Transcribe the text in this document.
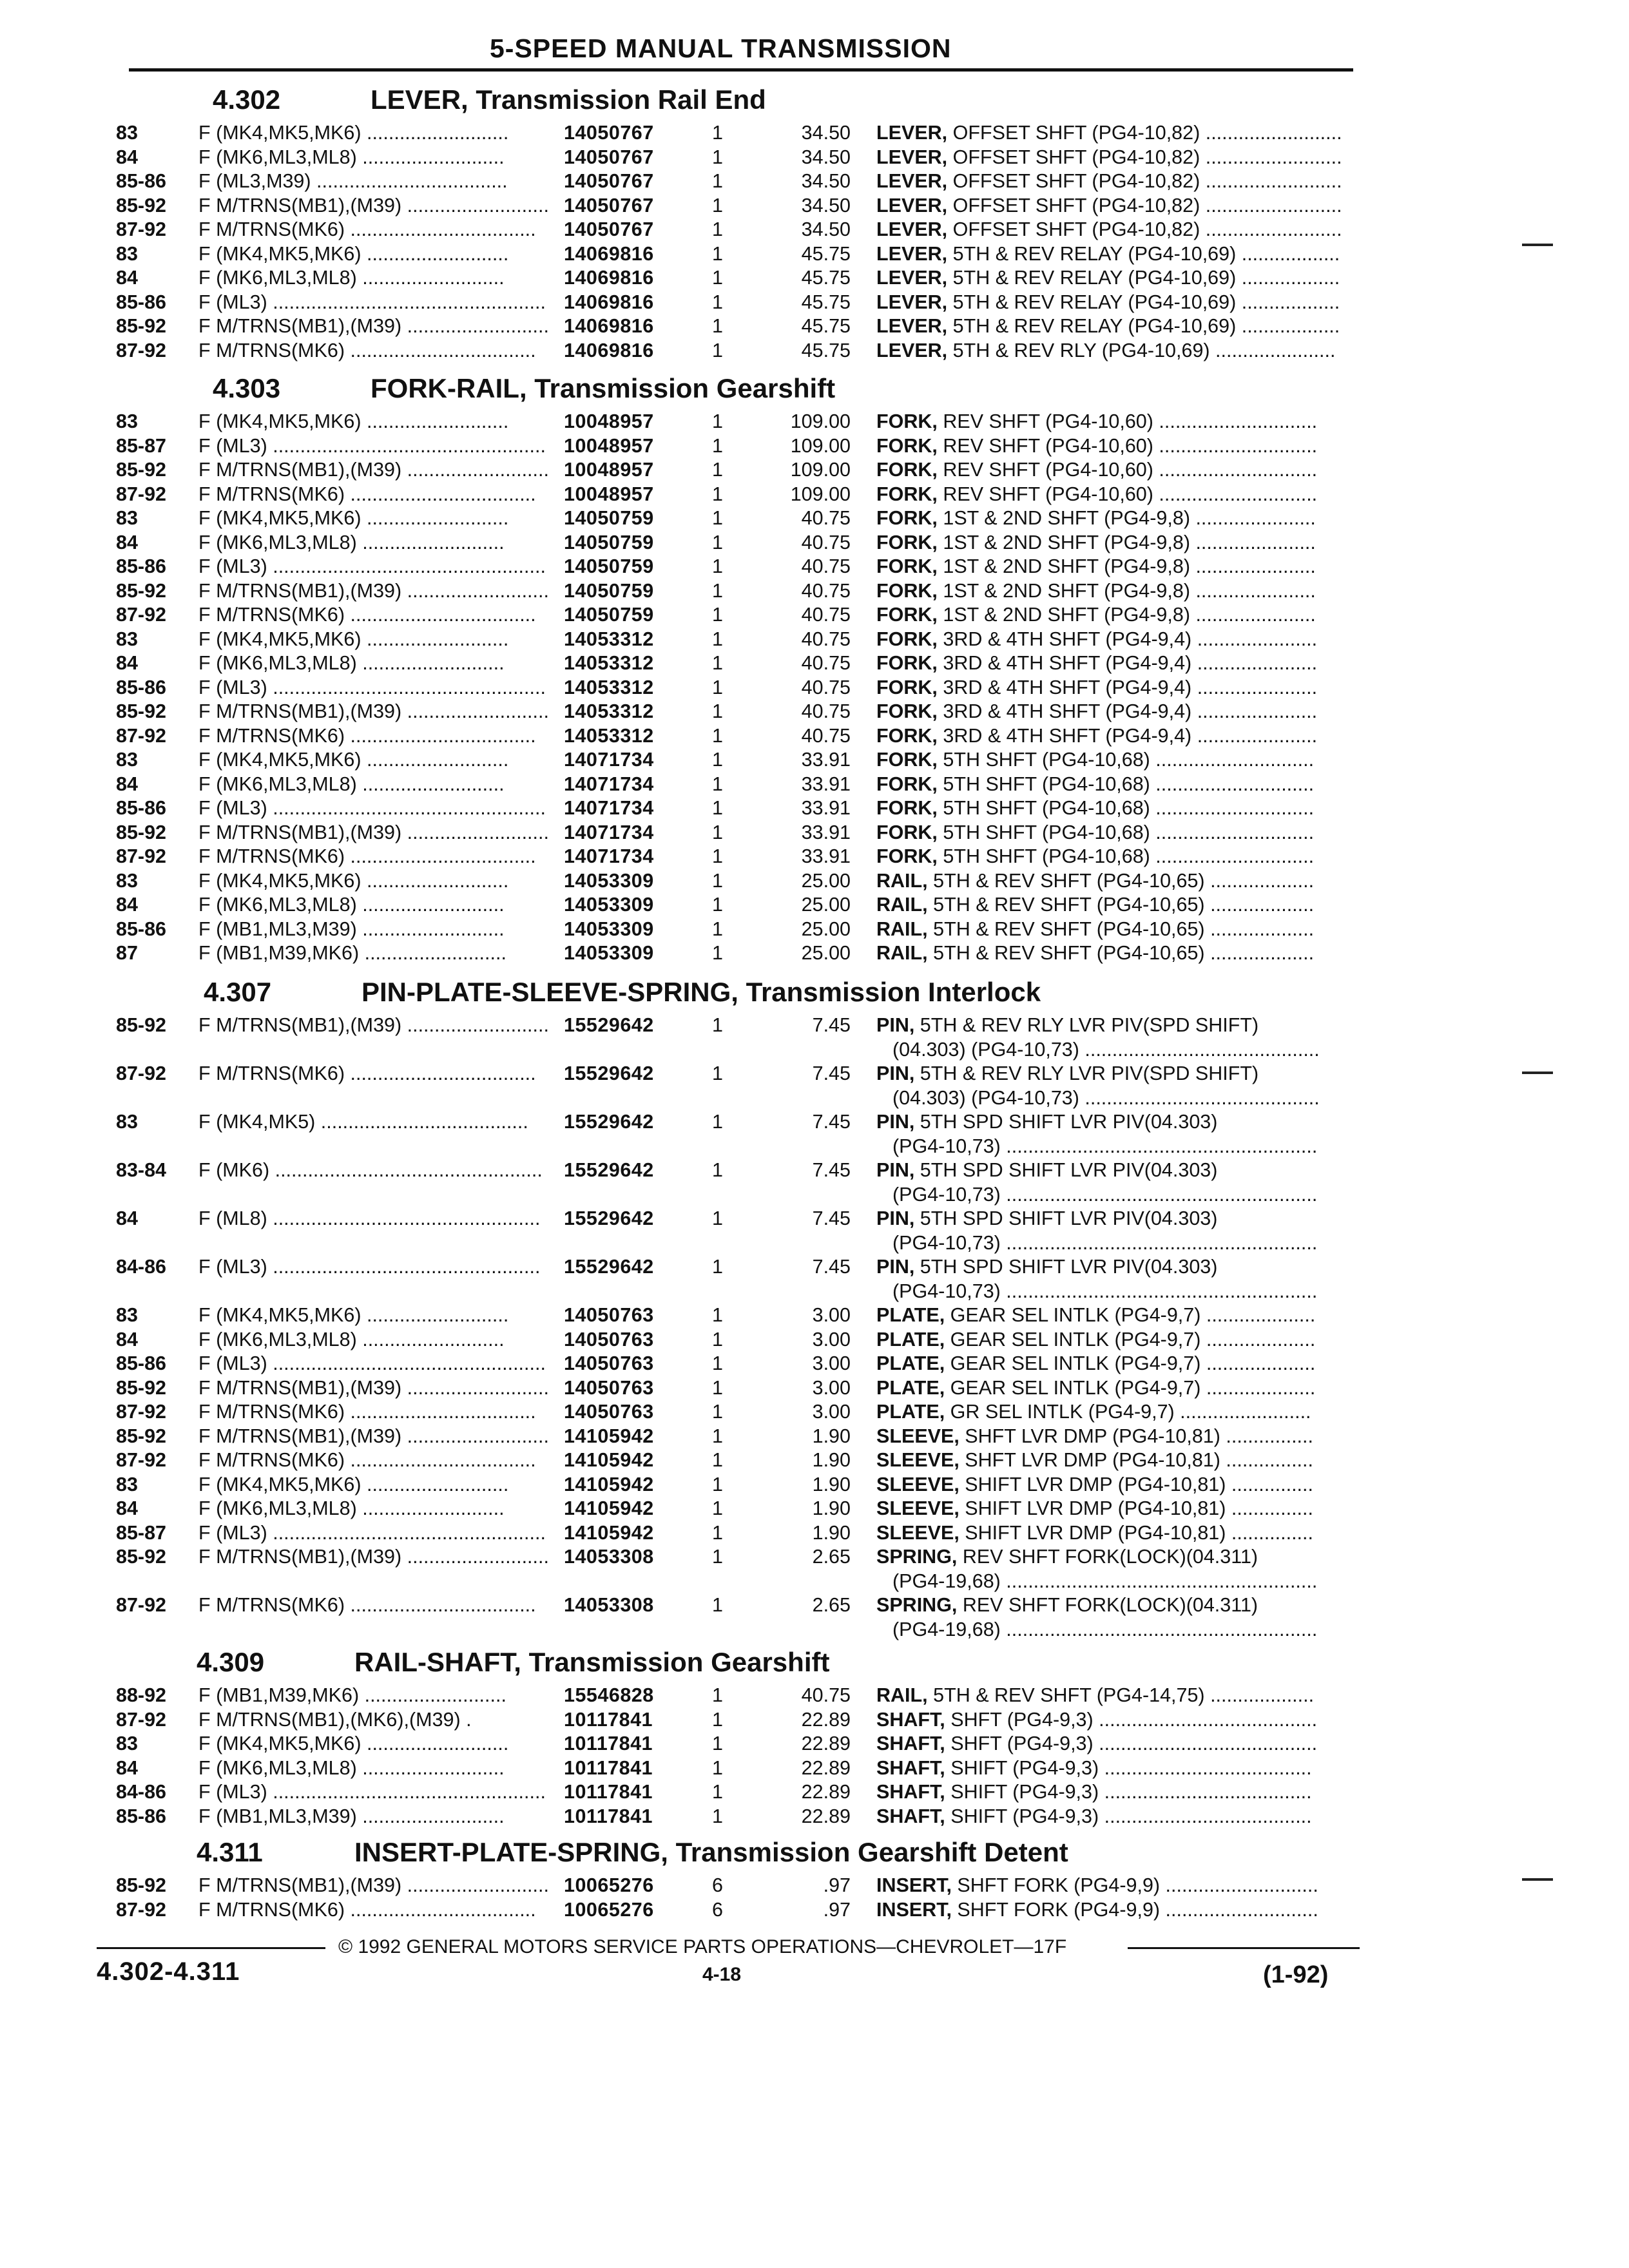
5-SPEED MANUAL TRANSMISSION
4.302	LEVER, Transmission Rail End
83	F (MK4,MK5,MK6) ..........................	14050767	1	34.50 LEVER, OFFSET SHFT (PG4-10,82) .........................
84	F (MK6,ML3,ML8) ..........................	14050767	1	34.50 LEVER, OFFSET SHFT (PG4-10,82) .........................
85-86 F (ML3,M39) ...................................	14050767	1	34.50 LEVER, OFFSET SHFT (PG4-10,82) .........................
85-92 F M/TRNS(MB1),(M39) .......................... 14050767	1	34.50 LEVER, OFFSET SHFT (PG4-10,82) .........................
87-92 F M/TRNS(MK6) ..................................	14050767	1	34.50 LEVER, OFFSET SHFT (PG4-10,82) .........................
83	F (MK4,MK5,MK6) ..........................	14069816	1	45.75 LEVER, 5TH & REV RELAY (PG4-10,69) ..................
84	F (MK6,ML3,ML8) ..........................	14069816	1	45.75 LEVER, 5TH & REV RELAY (PG4-10,69) ..................
85-86 F (ML3) .................................................. 14069816	1	45.75 LEVER, 5TH & REV RELAY (PG4-10,69) ..................
85-92 F M/TRNS(MB1),(M39) .......................... 14069816	1	45.75 LEVER, 5TH & REV RELAY (PG4-10,69) ..................
87-92 F M/TRNS(MK6) ..................................	14069816	1	45.75 LEVER, 5TH & REV RLY (PG4-10,69) ......................
4.303	FORK-RAIL, Transmission Gearshift
83	F (MK4,MK5,MK6) ..........................	10048957	1	109.00 FORK, REV SHFT (PG4-10,60) .............................
85-87 F (ML3) .................................................. 10048957	1	109.00 FORK, REV SHFT (PG4-10,60) .............................
85-92 F M/TRNS(MB1),(M39) .......................... 10048957	1	109.00 FORK, REV SHFT (PG4-10,60) .............................
87-92 F M/TRNS(MK6) ..................................	10048957	1	109.00 FORK, REV SHFT (PG4-10,60) .............................
83	F (MK4,MK5,MK6) ..........................	14050759	1	40.75 FORK, 1ST & 2ND SHFT (PG4-9,8) ......................
84	F (MK6,ML3,ML8) ..........................	14050759	1	40.75 FORK, 1ST & 2ND SHFT (PG4-9,8) ......................
85-86 F (ML3) .................................................. 14050759	1	40.75 FORK, 1ST & 2ND SHFT (PG4-9,8) ......................
85-92 F M/TRNS(MB1),(M39) .......................... 14050759	1	40.75 FORK, 1ST & 2ND SHFT (PG4-9,8) ......................
87-92 F M/TRNS(MK6) ..................................	14050759	1	40.75 FORK, 1ST & 2ND SHFT (PG4-9,8) ......................
83	F (MK4,MK5,MK6) ..........................	14053312	1	40.75 FORK, 3RD & 4TH SHFT (PG4-9,4) ......................
84	F (MK6,ML3,ML8) ..........................	14053312	1	40.75 FORK, 3RD & 4TH SHFT (PG4-9,4) ......................
85-86 F (ML3) .................................................. 14053312	1	40.75 FORK, 3RD & 4TH SHFT (PG4-9,4) ......................
85-92 F M/TRNS(MB1),(M39) .......................... 14053312	1	40.75 FORK, 3RD & 4TH SHFT (PG4-9,4) ......................
87-92 F M/TRNS(MK6) ..................................	14053312	1	40.75 FORK, 3RD & 4TH SHFT (PG4-9,4) ......................
83	F (MK4,MK5,MK6) ..........................	14071734	1	33.91 FORK, 5TH SHFT (PG4-10,68) .............................
84	F (MK6,ML3,ML8) ..........................	14071734	1	33.91 FORK, 5TH SHFT (PG4-10,68) .............................
85-86 F (ML3) .................................................. 14071734	1	33.91 FORK, 5TH SHFT (PG4-10,68) .............................
85-92 F M/TRNS(MB1),(M39) .......................... 14071734	1	33.91 FORK, 5TH SHFT (PG4-10,68) .............................
87-92 F M/TRNS(MK6) ..................................	14071734	1	33.91 FORK, 5TH SHFT (PG4-10,68) .............................
83	F (MK4,MK5,MK6) ..........................	14053309	1	25.00 RAIL, 5TH & REV SHFT (PG4-10,65) ...................
84	F (MK6,ML3,ML8) ..........................	14053309	1	25.00 RAIL, 5TH & REV SHFT (PG4-10,65) ...................
85-86 F (MB1,ML3,M39) ..........................	14053309	1	25.00 RAIL, 5TH & REV SHFT (PG4-10,65) ...................
87	F (MB1,M39,MK6) ..........................	14053309	1	25.00 RAIL, 5TH & REV SHFT (PG4-10,65) ...................
4.307	PIN-PLATE-SLEEVE-SPRING, Transmission Interlock
85-92 F M/TRNS(MB1),(M39) .......................... 15529642	1	7.45 PIN, 5TH & REV RLY LVR PIV(SPD SHIFT)
(04.303) (PG4-10,73) ...........................................
87-92 F M/TRNS(MK6) ..................................	15529642	1	7.45 PIN, 5TH & REV RLY LVR PIV(SPD SHIFT)
(04.303) (PG4-10,73) ...........................................
83	F (MK4,MK5) ......................................	15529642	1	7.45 PIN, 5TH SPD SHIFT LVR PIV(04.303)
(PG4-10,73) .........................................................
83-84 F (MK6) .................................................	15529642	1	7.45 PIN, 5TH SPD SHIFT LVR PIV(04.303)
(PG4-10,73) .........................................................
84	F (ML8) .................................................	15529642	1	7.45 PIN, 5TH SPD SHIFT LVR PIV(04.303)
(PG4-10,73) .........................................................
84-86 F (ML3) .................................................	15529642	1	7.45 PIN, 5TH SPD SHIFT LVR PIV(04.303)
(PG4-10,73) .........................................................
83	F (MK4,MK5,MK6) ..........................	14050763	1	3.00 PLATE, GEAR SEL INTLK (PG4-9,7) ....................
84	F (MK6,ML3,ML8) ..........................	14050763	1	3.00 PLATE, GEAR SEL INTLK (PG4-9,7) ....................
85-86 F (ML3) .................................................. 14050763	1	3.00 PLATE, GEAR SEL INTLK (PG4-9,7) ....................
85-92 F M/TRNS(MB1),(M39) .......................... 14050763	1	3.00 PLATE, GEAR SEL INTLK (PG4-9,7) ....................
87-92 F M/TRNS(MK6) ..................................	14050763	1	3.00 PLATE, GR SEL INTLK (PG4-9,7) ........................
85-92 F M/TRNS(MB1),(M39) .......................... 14105942	1	1.90 SLEEVE, SHFT LVR DMP (PG4-10,81) ................
87-92 F M/TRNS(MK6) ..................................	14105942	1	1.90 SLEEVE, SHFT LVR DMP (PG4-10,81) ................
83	F (MK4,MK5,MK6) ..........................	14105942	1	1.90 SLEEVE, SHIFT LVR DMP (PG4-10,81) ...............
84	F (MK6,ML3,ML8) ..........................	14105942	1	1.90 SLEEVE, SHIFT LVR DMP (PG4-10,81) ...............
85-87 F (ML3) .................................................. 14105942	1	1.90 SLEEVE, SHIFT LVR DMP (PG4-10,81) ...............
85-92 F M/TRNS(MB1),(M39) .......................... 14053308	1	2.65 SPRING, REV SHFT FORK(LOCK)(04.311)
(PG4-19,68) .........................................................
87-92 F M/TRNS(MK6) ..................................	14053308	1	2.65 SPRING, REV SHFT FORK(LOCK)(04.311)
(PG4-19,68) .........................................................
4.309	RAIL-SHAFT, Transmission Gearshift
88-92 F (MB1,M39,MK6) ..........................	15546828	1	40.75 RAIL, 5TH & REV SHFT (PG4-14,75) ...................
87-92 F M/TRNS(MB1),(MK6),(M39) .	10117841	1	22.89 SHAFT, SHFT (PG4-9,3) ........................................
83	F (MK4,MK5,MK6) ..........................	10117841	1	22.89 SHAFT, SHFT (PG4-9,3) ........................................
84	F (MK6,ML3,ML8) ..........................	10117841	1	22.89 SHAFT, SHIFT (PG4-9,3) ......................................
84-86 F (ML3) .................................................. 10117841	1	22.89 SHAFT, SHIFT (PG4-9,3) ......................................
85-86 F (MB1,ML3,M39) ..........................	10117841	1	22.89 SHAFT, SHIFT (PG4-9,3) ......................................
4.311	INSERT-PLATE-SPRING, Transmission Gearshift Detent
85-92 F M/TRNS(MB1),(M39) .......................... 10065276	6	.97 INSERT, SHFT FORK (PG4-9,9) ............................
87-92 F M/TRNS(MK6) ..................................	10065276	6	.97 INSERT, SHFT FORK (PG4-9,9) ............................
© 1992 GENERAL MOTORS SERVICE PARTS OPERATIONS—CHEVROLET—17F
4.302-4.311	4-18	(1-92)
